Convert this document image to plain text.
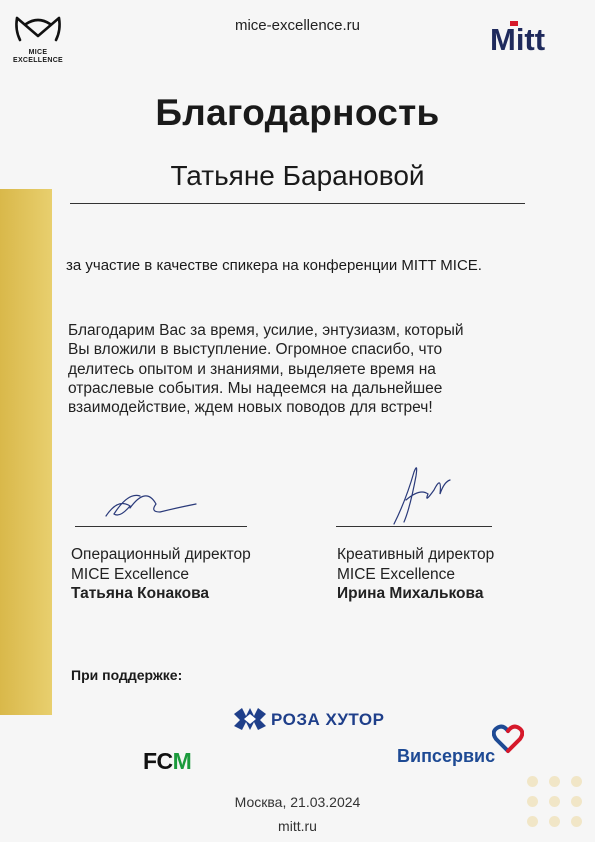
MICE
EXCELLENCE
mice-excellence.ru	Mitt
Благодарность
Татьяне Барановой
за участие в качестве спикера на конференции MITT MICE.
Благодарим Вас за время, усилие, энтузиазм, который
Вы вложили в выступление. Огромное спасибо, что
делитесь опытом и знаниями, выделяете время на
отраслевые события. Мы надеемся на дальнейшее
взаимодействие, ждем новых поводов для встреч!
Операционный директор
MICE Excellence
Татьяна Конакова
Креативный директор
MICE Excellence
Ирина Михалькова
При поддержке:
РОЗА ХУТОР
FCM	Випсервис
Москва, 21.03.2024
mitt.ru
